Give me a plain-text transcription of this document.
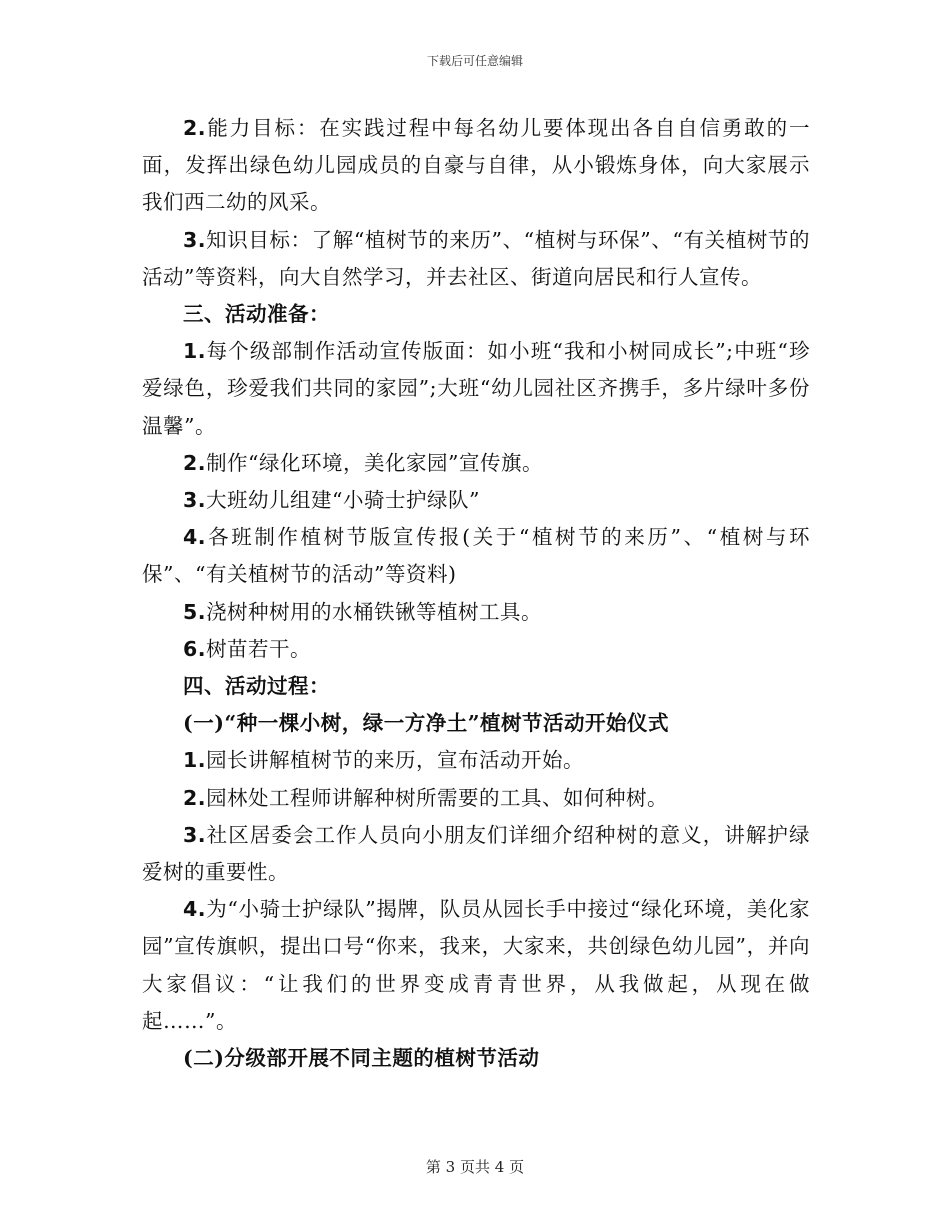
下载后可任意编辑

2.能力目标：在实践过程中每名幼儿要体现出各自自信勇敢的一面，发挥出绿色幼儿园成员的自豪与自律，从小锻炼身体，向大家展示我们西二幼的风采。

3.知识目标：了解“植树节的来历”、“植树与环保”、“有关植树节的活动”等资料，向大自然学习，并去社区、街道向居民和行人宣传。

三、活动准备：

1.每个级部制作活动宣传版面：如小班“我和小树同成长”;中班“珍爱绿色，珍爱我们共同的家园”;大班“幼儿园社区齐携手，多片绿叶多份温馨”。

2.制作“绿化环境，美化家园”宣传旗。

3.大班幼儿组建“小骑士护绿队”

4.各班制作植树节版宣传报(关于“植树节的来历”、“植树与环保”、“有关植树节的活动”等资料)

5.浇树种树用的水桶铁锹等植树工具。

6.树苗若干。

四、活动过程：

(一)“种一棵小树，绿一方净土”植树节活动开始仪式

1.园长讲解植树节的来历，宣布活动开始。

2.园林处工程师讲解种树所需要的工具、如何种树。

3.社区居委会工作人员向小朋友们详细介绍种树的意义，讲解护绿爱树的重要性。

4.为“小骑士护绿队”揭牌，队员从园长手中接过“绿化环境，美化家园”宣传旗帜，提出口号“你来，我来，大家来，共创绿色幼儿园”，并向大家倡议：“让我们的世界变成青青世界，从我做起，从现在做起……”。

(二)分级部开展不同主题的植树节活动

第 3 页共 4 页
